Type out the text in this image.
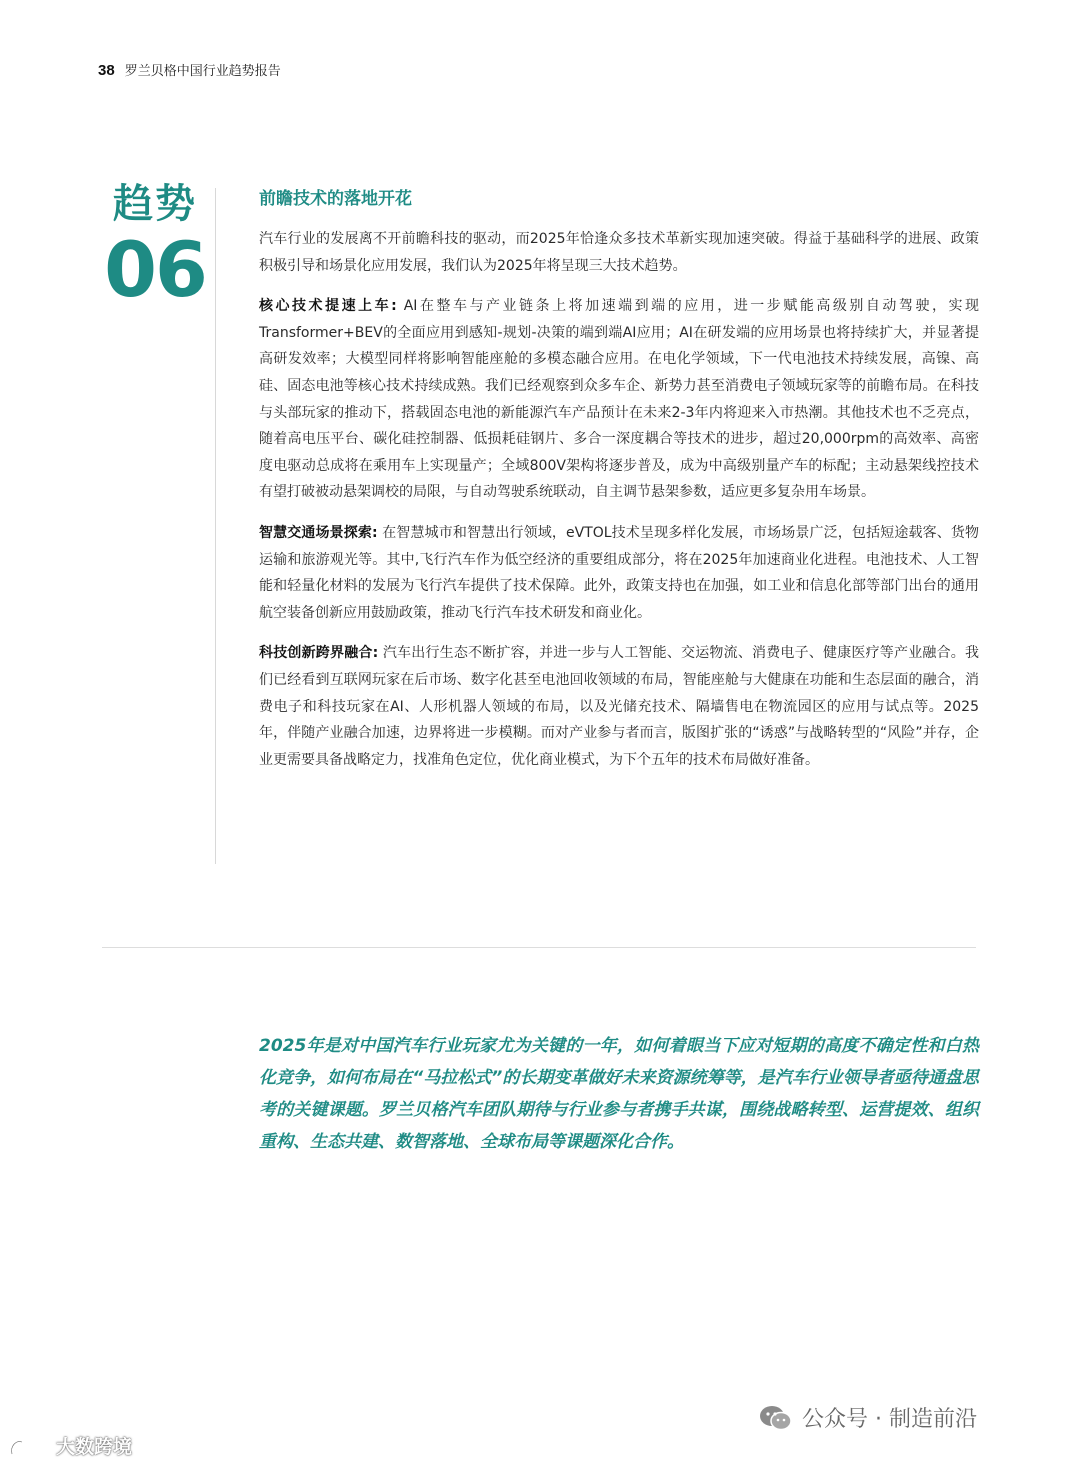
38 罗兰贝格中国行业趋势报告
趋势
06
前瞻技术的落地开花

汽车行业的发展离不开前瞻科技的驱动，而2025年恰逢众多技术革新实现加速突破。得益于基础科学的进展、政策积极引导和场景化应用发展，我们认为2025年将呈现三大技术趋势。

核心技术提速上车: AI在整车与产业链条上将加速端到端的应用，进一步赋能高级别自动驾驶，实现Transformer+BEV的全面应用到感知-规划-决策的端到端AI应用；AI在研发端的应用场景也将持续扩大，并显著提高研发效率；大模型同样将影响智能座舱的多模态融合应用。在电化学领域，下一代电池技术持续发展，高镍、高硅、固态电池等核心技术持续成熟。我们已经观察到众多车企、新势力甚至消费电子领域玩家等的前瞻布局。在科技与头部玩家的推动下，搭载固态电池的新能源汽车产品预计在未来2-3年内将迎来入市热潮。其他技术也不乏亮点，随着高电压平台、碳化硅控制器、低损耗硅钢片、多合一深度耦合等技术的进步，超过20,000rpm的高效率、高密度电驱动总成将在乘用车上实现量产；全域800V架构将逐步普及，成为中高级别量产车的标配；主动悬架线控技术有望打破被动悬架调校的局限，与自动驾驶系统联动，自主调节悬架参数，适应更多复杂用车场景。

智慧交通场景探索: 在智慧城市和智慧出行领域，eVTOL技术呈现多样化发展，市场场景广泛，包括短途载客、货物运输和旅游观光等。其中,飞行汽车作为低空经济的重要组成部分，将在2025年加速商业化进程。电池技术、人工智能和轻量化材料的发展为飞行汽车提供了技术保障。此外，政策支持也在加强，如工业和信息化部等部门出台的通用航空装备创新应用鼓励政策，推动飞行汽车技术研发和商业化。

科技创新跨界融合: 汽车出行生态不断扩容，并进一步与人工智能、交运物流、消费电子、健康医疗等产业融合。我们已经看到互联网玩家在后市场、数字化甚至电池回收领域的布局，智能座舱与大健康在功能和生态层面的融合，消费电子和科技玩家在AI、人形机器人领域的布局，以及光储充技术、隔墙售电在物流园区的应用与试点等。2025年，伴随产业融合加速，边界将进一步模糊。而对产业参与者而言，版图扩张的“诱惑”与战略转型的“风险”并存，企业更需要具备战略定力，找准角色定位，优化商业模式，为下个五年的技术布局做好准备。

2025年是对中国汽车行业玩家尤为关键的一年，如何着眼当下应对短期的高度不确定性和白热化竞争，如何布局在“马拉松式”的长期变革做好未来资源统筹等，是汽车行业领导者亟待通盘思考的关键课题。罗兰贝格汽车团队期待与行业参与者携手共谋，围绕战略转型、运营提效、组织重构、生态共建、数智落地、全球布局等课题深化合作。
公众号 · 制造前沿
大数跨境
